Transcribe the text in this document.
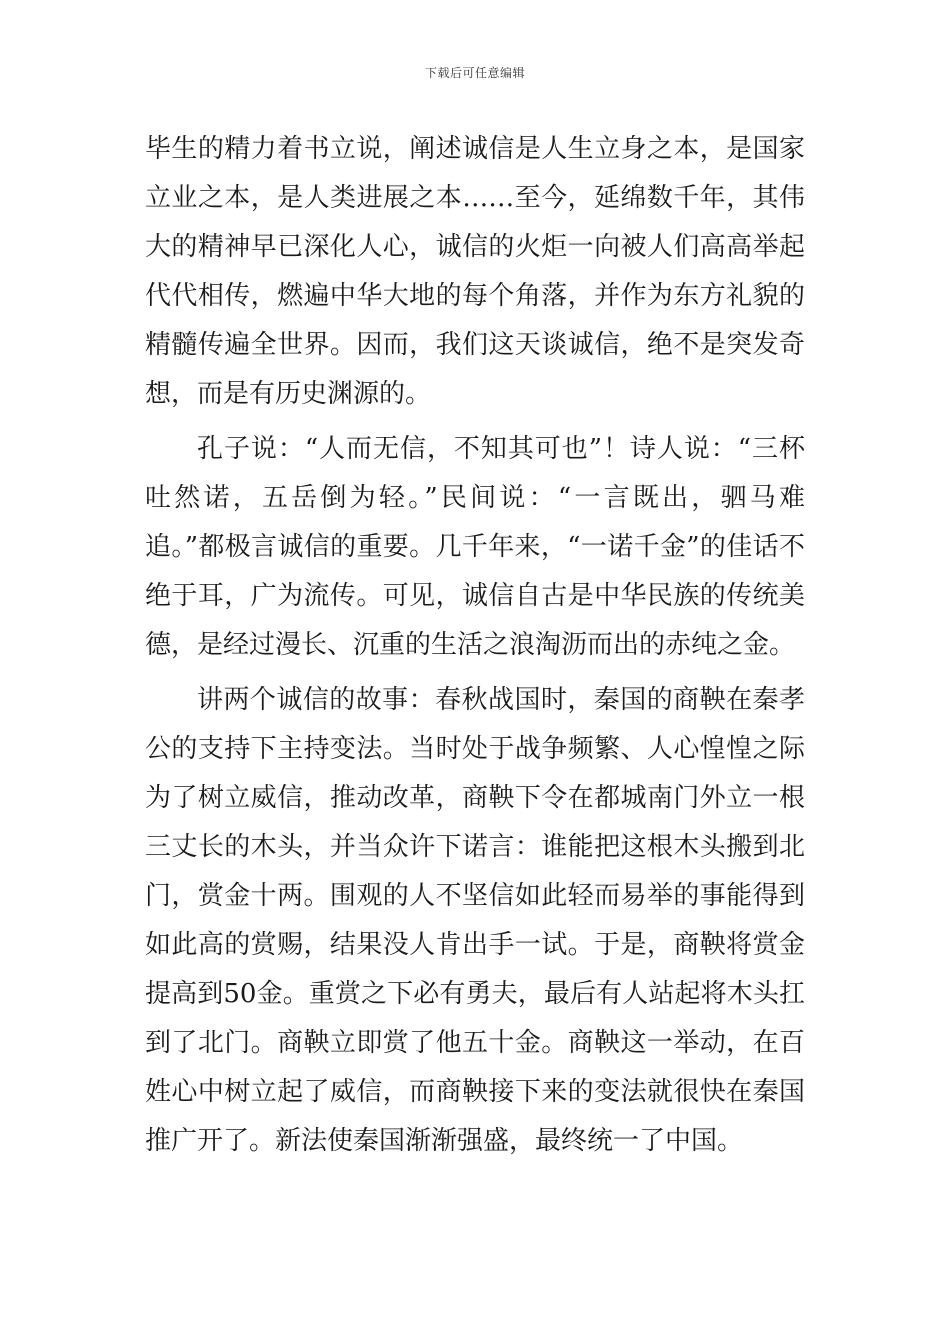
下载后可任意编辑

毕生的精力着书立说，阐述诚信是人生立身之本，是国家立业之本，是人类进展之本……至今，延绵数千年，其伟大的精神早已深化人心，诚信的火炬一向被人们高高举起代代相传，燃遍中华大地的每个角落，并作为东方礼貌的精髓传遍全世界。因而，我们这天谈诚信，绝不是突发奇想，而是有历史渊源的。

孔子说：“人而无信，不知其可也”！诗人说：“三杯吐然诺，五岳倒为轻。”民间说：“一言既出，驷马难追。”都极言诚信的重要。几千年来，“一诺千金”的佳话不绝于耳，广为流传。可见，诚信自古是中华民族的传统美德，是经过漫长、沉重的生活之浪淘沥而出的赤纯之金。

讲两个诚信的故事：春秋战国时，秦国的商鞅在秦孝公的支持下主持变法。当时处于战争频繁、人心惶惶之际为了树立威信，推动改革，商鞅下令在都城南门外立一根三丈长的木头，并当众许下诺言：谁能把这根木头搬到北门，赏金十两。围观的人不坚信如此轻而易举的事能得到如此高的赏赐，结果没人肯出手一试。于是，商鞅将赏金提高到50金。重赏之下必有勇夫，最后有人站起将木头扛到了北门。商鞅立即赏了他五十金。商鞅这一举动，在百姓心中树立起了威信，而商鞅接下来的变法就很快在秦国推广开了。新法使秦国渐渐强盛，最终统一了中国。
